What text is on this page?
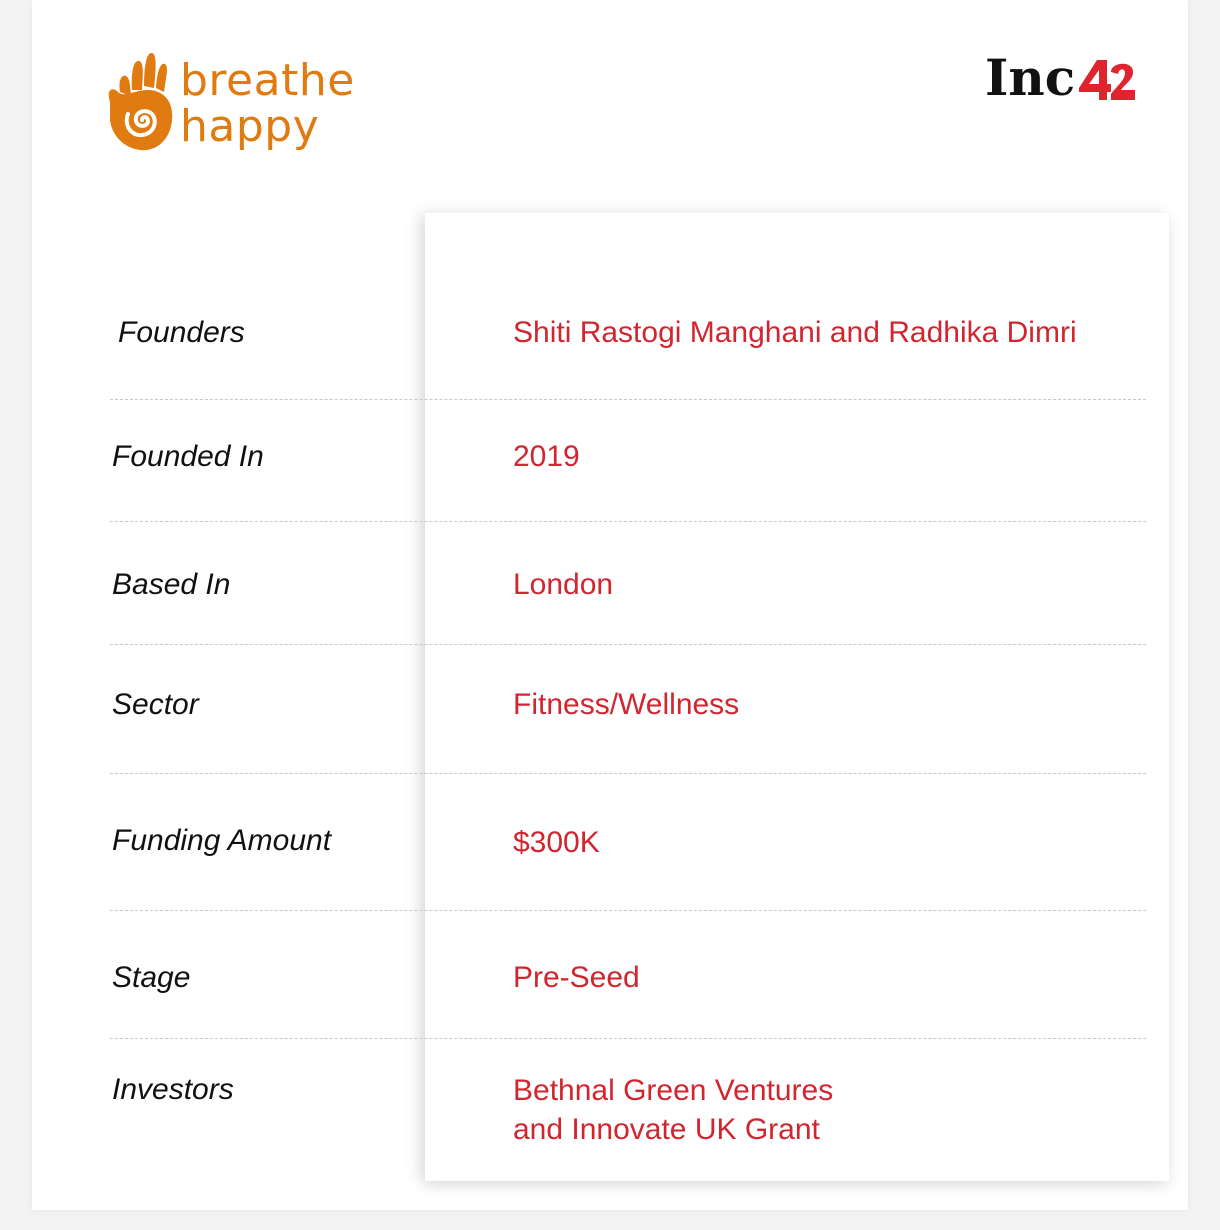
breathe
happy
Inc
Founders	Shiti Rastogi Manghani and Radhika Dimri
Founded In	2019
Based In	London
Sector	Fitness/Wellness
Funding Amount	$300K
Stage	Pre-Seed
Investors	Bethnal Green Ventures
and Innovate UK Grant
